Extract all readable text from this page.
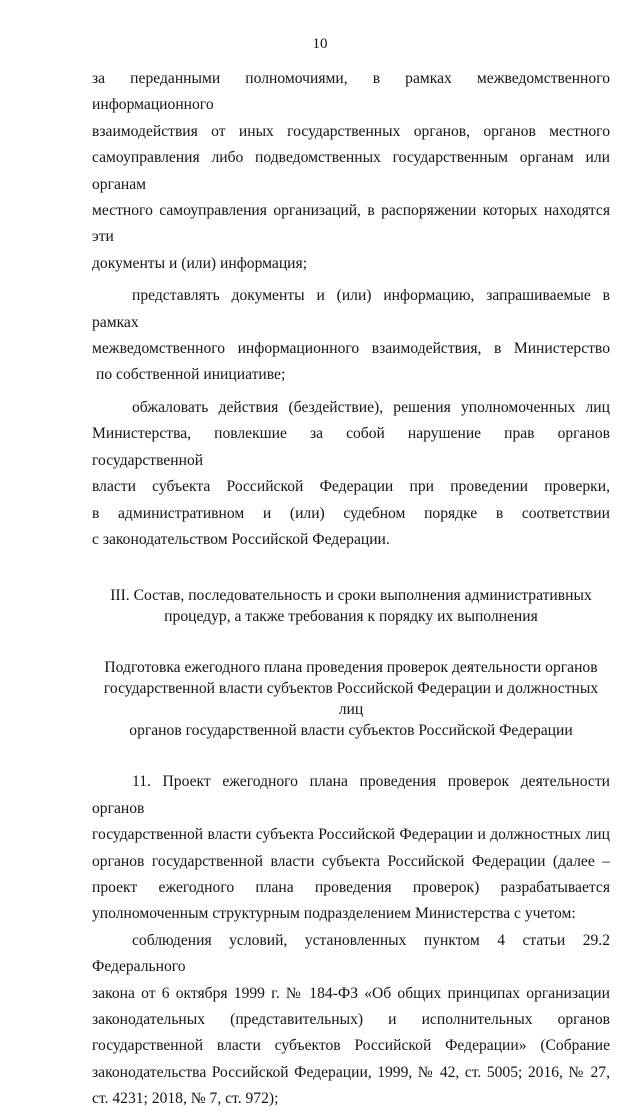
10

за переданными полномочиями, в рамках межведомственного информационного
взаимодействия от иных государственных органов, органов местного
самоуправления либо подведомственных государственным органам или органам
местного самоуправления организаций, в распоряжении которых находятся эти
документы и (или) информация;

представлять документы и (или) информацию, запрашиваемые в рамках
межведомственного информационного взаимодействия, в Министерство
по собственной инициативе;

обжаловать действия (бездействие), решения уполномоченных лиц
Министерства, повлекшие за собой нарушение прав органов государственной
власти субъекта Российской Федерации при проведении проверки,
в административном и (или) судебном порядке в соответствии
с законодательством Российской Федерации.

III. Состав, последовательность и сроки выполнения административных
процедур, а также требования к порядку их выполнения
Подготовка ежегодного плана проведения проверок деятельности органов
государственной власти субъектов Российской Федерации и должностных лиц
органов государственной власти субъектов Российской Федерации

11. Проект ежегодного плана проведения проверок деятельности органов
государственной власти субъекта Российской Федерации и должностных лиц
органов государственной власти субъекта Российской Федерации (далее –
проект ежегодного плана проведения проверок) разрабатывается
уполномоченным структурным подразделением Министерства с учетом:

соблюдения условий, установленных пунктом 4 статьи 29.2 Федерального
закона от 6 октября 1999 г. № 184-ФЗ «Об общих принципах организации
законодательных (представительных) и исполнительных органов
государственной власти субъектов Российской Федерации» (Собрание
законодательства Российской Федерации, 1999, № 42, ст. 5005; 2016, № 27,
ст. 4231; 2018, № 7, ст. 972);
